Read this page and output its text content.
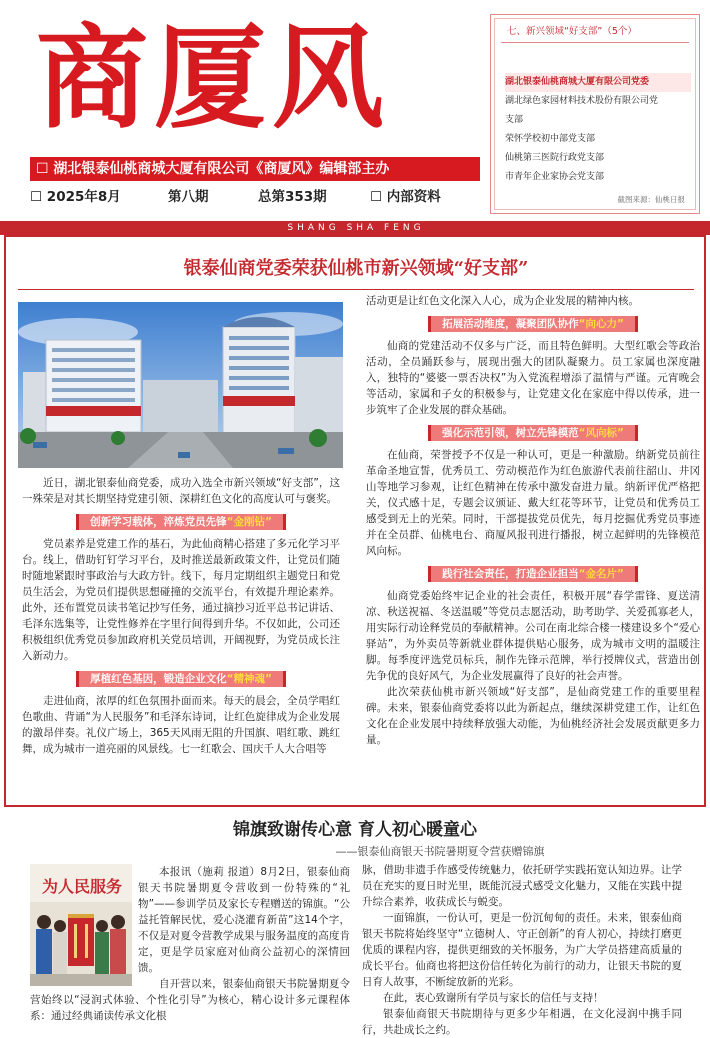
商厦风
☐ 湖北银泰仙桃商城大厦有限公司《商厦风》编辑部主办
☐ 2025年8月	第八期	总第353期	☐ 内部资料
七、新兴领域“好支部”（5个）
湖北银泰仙桃商城大厦有限公司党委
湖北绿色家园材料技术股份有限公司党
支部
荣怀学校初中部党支部
仙桃第三医院行政党支部
市青年企业家协会党支部
截图来源：仙桃日报
SHANG SHA FENG
银泰仙商党委荣获仙桃市新兴领域“好支部”

近日，湖北银泰仙商党委，成功入选全市新兴领域“好支部”，这一殊荣是对其长期坚持党建引领、深耕红色文化的高度认可与褒奖。

创新学习载体，淬炼党员先锋“金刚钻”

党员素养是党建工作的基石，为此仙商精心搭建了多元化学习平台。线上，借助钉钉学习平台，及时推送最新政策文件，让党员们随时随地紧跟时事政治与大政方针。线下，每月定期组织主题党日和党员生活会，为党员们提供思想碰撞的交流平台，有效提升理论素养。此外，还布置党员读书笔记抄写任务，通过摘抄习近平总书记讲话、毛泽东选集等，让党性修养在字里行间得到升华。不仅如此，公司还积极组织优秀党员参加政府机关党员培训，开阔视野，为党员成长注入新动力。

厚植红色基因，锻造企业文化“精神魂”

走进仙商，浓厚的红色氛围扑面而来。每天的晨会，全员学唱红色歌曲、背诵“为人民服务”和毛泽东诗词，让红色旋律成为企业发展的激昂伴奏。礼仪广场上，365天风雨无阻的升国旗、唱红歌、跳红舞，成为城市一道亮丽的风景线。七一红歌会、国庆千人大合唱等

活动更是让红色文化深入人心，成为企业发展的精神内核。

拓展活动维度，凝聚团队协作“向心力”

仙商的党建活动不仅多与广泛，而且特色鲜明。大型红歌会等政治活动，全员踊跃参与，展现出强大的团队凝聚力。员工家属也深度融入，独特的“婆婆一票否决权”为入党流程增添了温情与严谨。元宵晚会等活动，家属和子女的积极参与，让党建文化在家庭中得以传承，进一步筑牢了企业发展的群众基础。

强化示范引领，树立先锋模范“风向标”

在仙商，荣誉授予不仅是一种认可，更是一种激励。纳新党员前往革命圣地宣誓，优秀员工、劳动模范作为红色旅游代表前往韶山、井冈山等地学习参观，让红色精神在传承中激发奋进力量。纳新评优严格把关，仪式感十足，专题会议颁证、戴大红花等环节，让党员和优秀员工感受到无上的光荣。同时，干部提拔党员优先，每月挖掘优秀党员事迹并在全员群、仙桃电台、商厦风报刊进行播报，树立起鲜明的先锋模范风向标。

践行社会责任，打造企业担当“金名片”

仙商党委始终牢记企业的社会责任，积极开展“春学雷锋、夏送清凉、秋送祝福、冬送温暖”等党员志愿活动，助考助学、关爱孤寡老人，用实际行动诠释党员的奉献精神。公司在南北综合楼一楼建设多个“爱心驿站”，为外卖员等新就业群体提供贴心服务，成为城市文明的温暖注脚。每季度评选党员标兵，制作先锋示范牌，举行授牌仪式，营造出创先争优的良好风气，为企业发展赢得了良好的社会声誉。

此次荣获仙桃市新兴领域“好支部”，是仙商党建工作的重要里程碑。未来，银泰仙商党委将以此为新起点，继续深耕党建工作，让红色文化在企业发展中持续释放强大动能，为仙桃经济社会发展贡献更多力量。

锦旗致谢传心意 育人初心暖童心
——银泰仙商银天书院暑期夏令营获赠锦旗

本报讯（施莉 报道）8月2日，银泰仙商银天书院暑期夏令营收到一份特殊的“礼物”——参训学员及家长专程赠送的锦旗。“公益托管解民忧，爱心浇灌育新苗”这14个字，不仅是对夏令营教学成果与服务温度的高度肯定，更是学员家庭对仙商公益初心的深情回馈。

自开营以来，银泰仙商银天书院暑期夏令营始终以“浸润式体验、个性化引导”为核心，精心设计多元课程体系：通过经典诵读传承文化根

为人民服务

脉，借助非遗手作感受传统魅力，依托研学实践拓宽认知边界。让学员在充实的夏日时光里，既能沉浸式感受文化魅力，又能在实践中提升综合素养，收获成长与蜕变。

一面锦旗，一份认可，更是一份沉甸甸的责任。未来，银泰仙商银天书院将始终坚守“立德树人、守正创新”的育人初心，持续打磨更优质的课程内容，提供更细致的关怀服务，为广大学员搭建高质量的成长平台。仙商也将把这份信任转化为前行的动力，让银天书院的夏日育人故事，不断绽放新的光彩。

在此，衷心致谢所有学员与家长的信任与支持！

银泰仙商银天书院期待与更多少年相遇，在文化浸润中携手同行，共赴成长之约。
